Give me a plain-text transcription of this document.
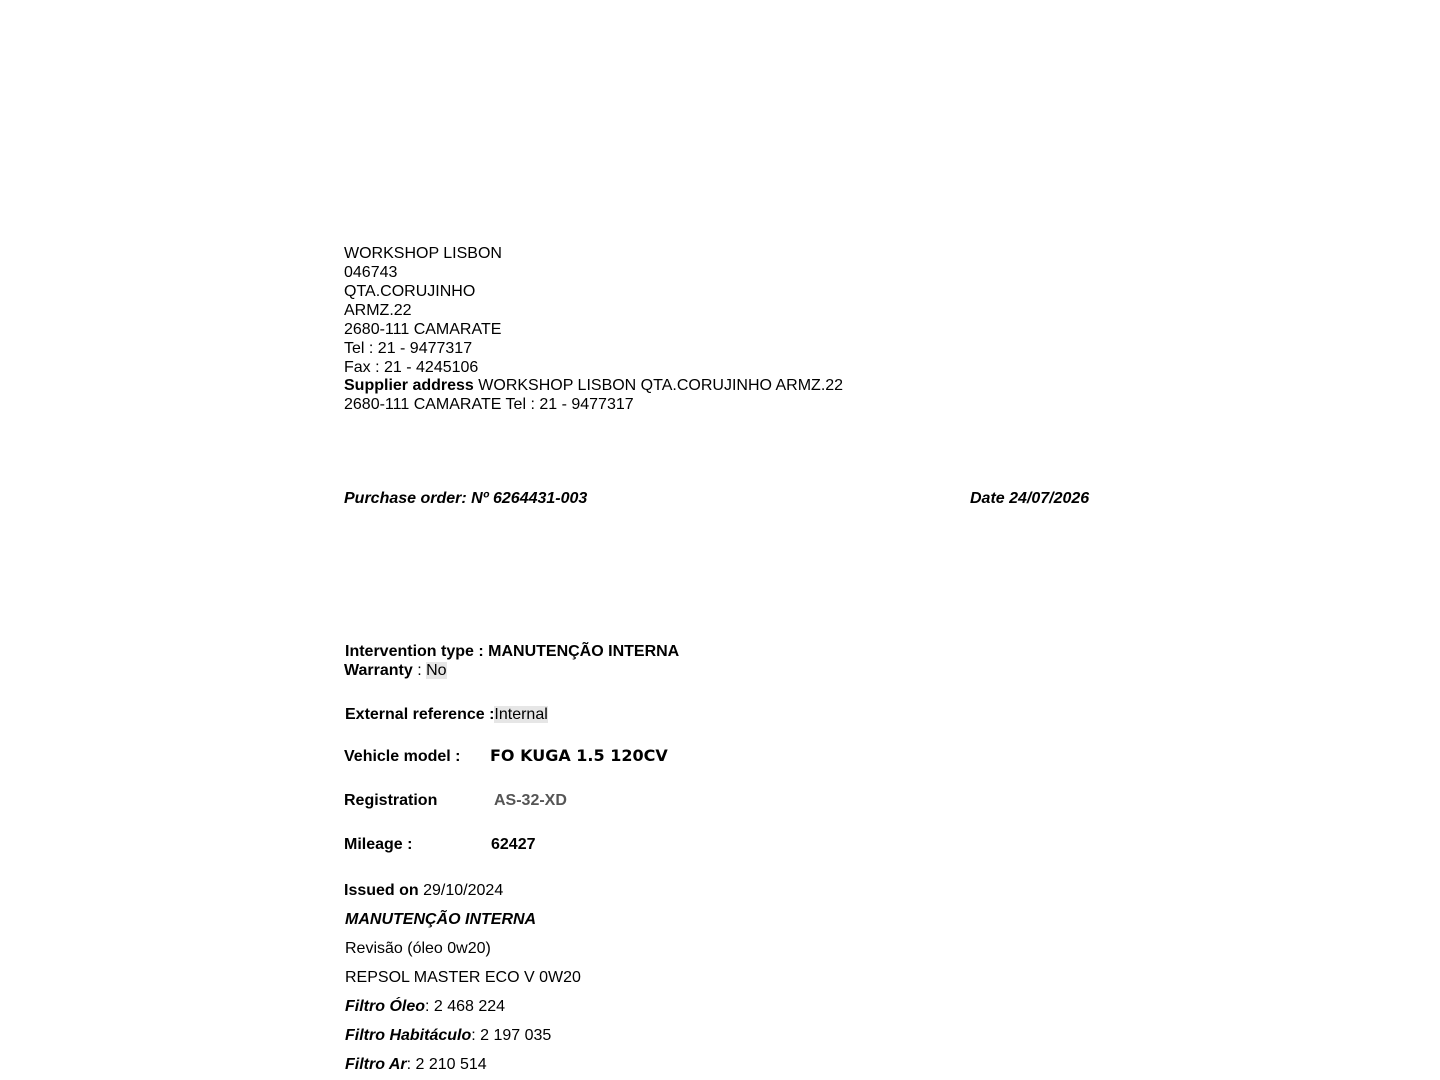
WORKSHOP LISBON
046743
QTA.CORUJINHO
ARMZ.22
2680-111 CAMARATE
Tel : 21 - 9477317
Fax : 21 - 4245106
Supplier address WORKSHOP LISBON QTA.CORUJINHO ARMZ.22
2680-111 CAMARATE Tel : 21 - 9477317
Purchase order: Nº 6264431-003	Date 24/07/2026
Intervention type : MANUTENÇÃO INTERNA
Warranty : No
External reference :Internal
Vehicle model : FO KUGA 1.5 120CV
Registration	AS-32-XD
Mileage :	62427
Issued on 29/10/2024
MANUTENÇÃO INTERNA
Revisão (óleo 0w20)
REPSOL MASTER ECO V 0W20
Filtro Óleo: 2 468 224
Filtro Habitáculo: 2 197 035
Filtro Ar: 2 210 514
